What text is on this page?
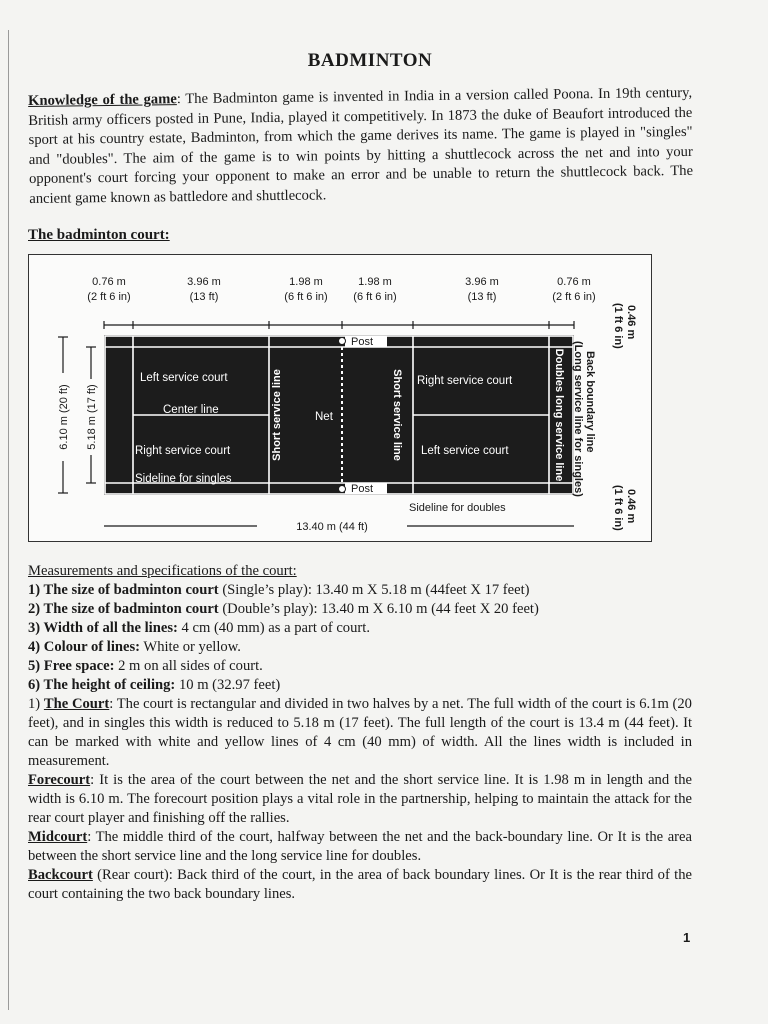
BADMINTON
Knowledge of the game: The Badminton game is invented in India in a version called Poona. In 19th century, British army officers posted in Pune, India, played it competitively. In 1873 the duke of Beaufort introduced the sport at his country estate, Badminton, from which the game derives its name. The game is played in "singles" and "doubles". The aim of the game is to win points by hitting a shuttlecock across the net and into your opponent's court forcing your opponent to make an error and be unable to return the shuttlecock back. The ancient game known as battledore and shuttlecock.
The badminton court:
0.76 m
(2 ft 6 in)
3.96 m
(13 ft)
1.98 m
(6 ft 6 in)
1.98 m
(6 ft 6 in)
3.96 m
(13 ft)
0.76 m
(2 ft 6 in)
6.10 m (20 ft) 5.18 m (17 ft)
Post
Post
Left service court
Center line
Right service court
Sideline for singles
Net
Right service court
Left service court
Short service line	Short service line	Doubles long service line
Sideline for doubles
13.40 m (44 ft)
Back boundary line
(Long service line for singles)
0.46 m
(1 ft 6 in)
0.46 m
(1 ft 6 in)

Measurements and specifications of the court:

1) The size of badminton court (Single’s play): 13.40 m X 5.18 m (44feet X 17 feet)

2) The size of badminton court (Double’s play): 13.40 m X 6.10 m (44 feet X 20 feet)

3) Width of all the lines: 4 cm (40 mm) as a part of court.

4) Colour of lines: White or yellow.

5) Free space: 2 m on all sides of court.

6) The height of ceiling: 10 m (32.97 feet)

1) The Court: The court is rectangular and divided in two halves by a net. The full width of the court is 6.1m (20 feet), and in singles this width is reduced to 5.18 m (17 feet). The full length of the court is 13.4 m (44 feet). It can be marked with white and yellow lines of 4 cm (40 mm) of width. All the lines width is included in measurement.

Forecourt: It is the area of the court between the net and the short service line. It is 1.98 m in length and the width is 6.10 m. The forecourt position plays a vital role in the partnership, helping to maintain the attack for the rear court player and finishing off the rallies.

Midcourt: The middle third of the court, halfway between the net and the back-boundary line. Or It is the area between the short service line and the long service line for doubles.

Backcourt (Rear court): Back third of the court, in the area of back boundary lines. Or It is the rear third of the court containing the two back boundary lines.

1
